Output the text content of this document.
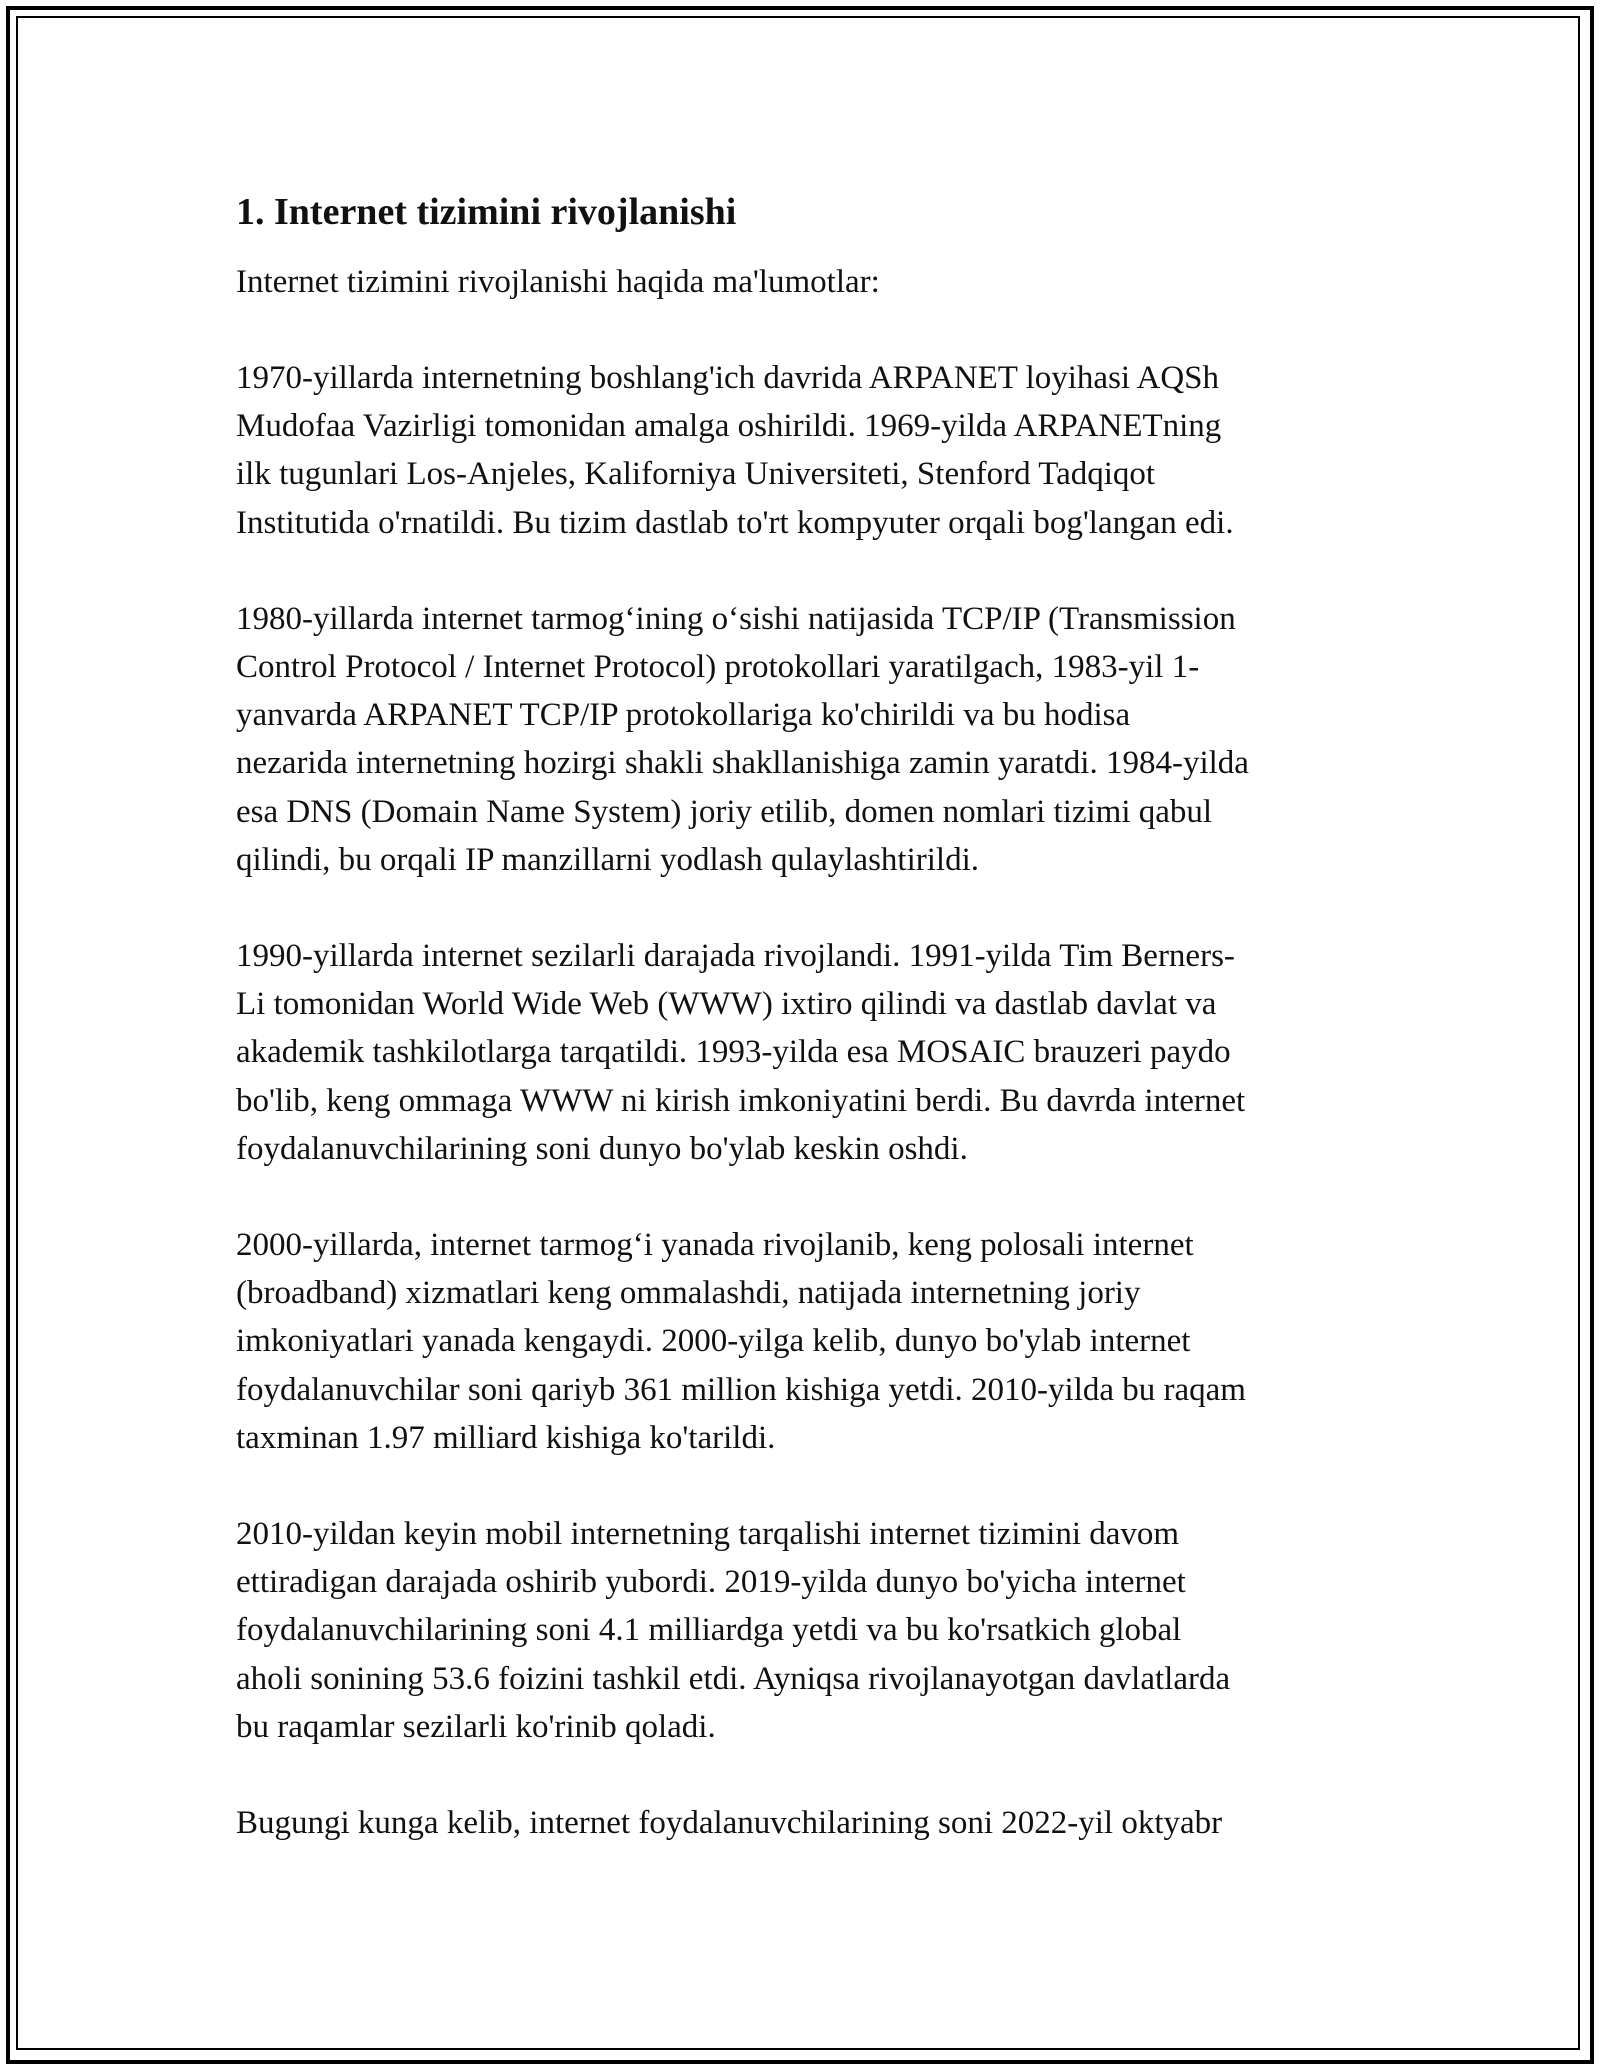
1. Internet tizimini rivojlanishi

Internet tizimini rivojlanishi haqida ma'lumotlar:

1970-yillarda internetning boshlang'ich davrida ARPANET loyihasi AQSh
Mudofaa Vazirligi tomonidan amalga oshirildi. 1969-yilda ARPANETning
ilk tugunlari Los-Anjeles, Kaliforniya Universiteti, Stenford Tadqiqot
Institutida o'rnatildi. Bu tizim dastlab to'rt kompyuter orqali bog'langan edi.

1980-yillarda internet tarmog‘ining o‘sishi natijasida TCP/IP (Transmission
Control Protocol / Internet Protocol) protokollari yaratilgach, 1983-yil 1-
yanvarda ARPANET TCP/IP protokollariga ko'chirildi va bu hodisa
nezarida internetning hozirgi shakli shakllanishiga zamin yaratdi. 1984-yilda
esa DNS (Domain Name System) joriy etilib, domen nomlari tizimi qabul
qilindi, bu orqali IP manzillarni yodlash qulaylashtirildi.

1990-yillarda internet sezilarli darajada rivojlandi. 1991-yilda Tim Berners-
Li tomonidan World Wide Web (WWW) ixtiro qilindi va dastlab davlat va
akademik tashkilotlarga tarqatildi. 1993-yilda esa MOSAIC brauzeri paydo
bo'lib, keng ommaga WWW ni kirish imkoniyatini berdi. Bu davrda internet
foydalanuvchilarining soni dunyo bo'ylab keskin oshdi.

2000-yillarda, internet tarmog‘i yanada rivojlanib, keng polosali internet
(broadband) xizmatlari keng ommalashdi, natijada internetning joriy
imkoniyatlari yanada kengaydi. 2000-yilga kelib, dunyo bo'ylab internet
foydalanuvchilar soni qariyb 361 million kishiga yetdi. 2010-yilda bu raqam
taxminan 1.97 milliard kishiga ko'tarildi.

2010-yildan keyin mobil internetning tarqalishi internet tizimini davom
ettiradigan darajada oshirib yubordi. 2019-yilda dunyo bo'yicha internet
foydalanuvchilarining soni 4.1 milliardga yetdi va bu ko'rsatkich global
aholi sonining 53.6 foizini tashkil etdi. Ayniqsa rivojlanayotgan davlatlarda
bu raqamlar sezilarli ko'rinib qoladi.

Bugungi kunga kelib, internet foydalanuvchilarining soni 2022-yil oktyabr
